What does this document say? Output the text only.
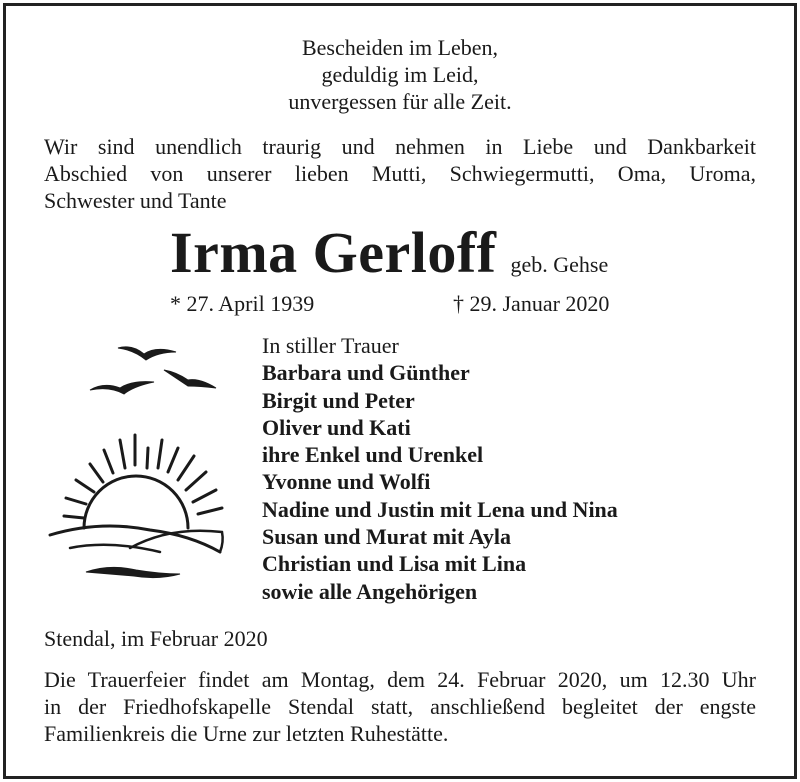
Bescheiden im Leben,
geduldig im Leid,
unvergessen für alle Zeit.
Wir sind unendlich traurig und nehmen in Liebe und Dankbarkeit
Abschied von unserer lieben Mutti, Schwiegermutti, Oma, Uroma,
Schwester und Tante
Irma Gerloff geb. Gehse
* 27. April 1939	† 29. Januar 2020
In stiller Trauer
Barbara und Günther
Birgit und Peter
Oliver und Kati
ihre Enkel und Urenkel
Yvonne und Wolfi
Nadine und Justin mit Lena und Nina
Susan und Murat mit Ayla
Christian und Lisa mit Lina
sowie alle Angehörigen
Stendal, im Februar 2020
Die Trauerfeier findet am Montag, dem 24. Februar 2020, um 12.30 Uhr
in der Friedhofskapelle Stendal statt, anschließend begleitet der engste
Familienkreis die Urne zur letzten Ruhestätte.
